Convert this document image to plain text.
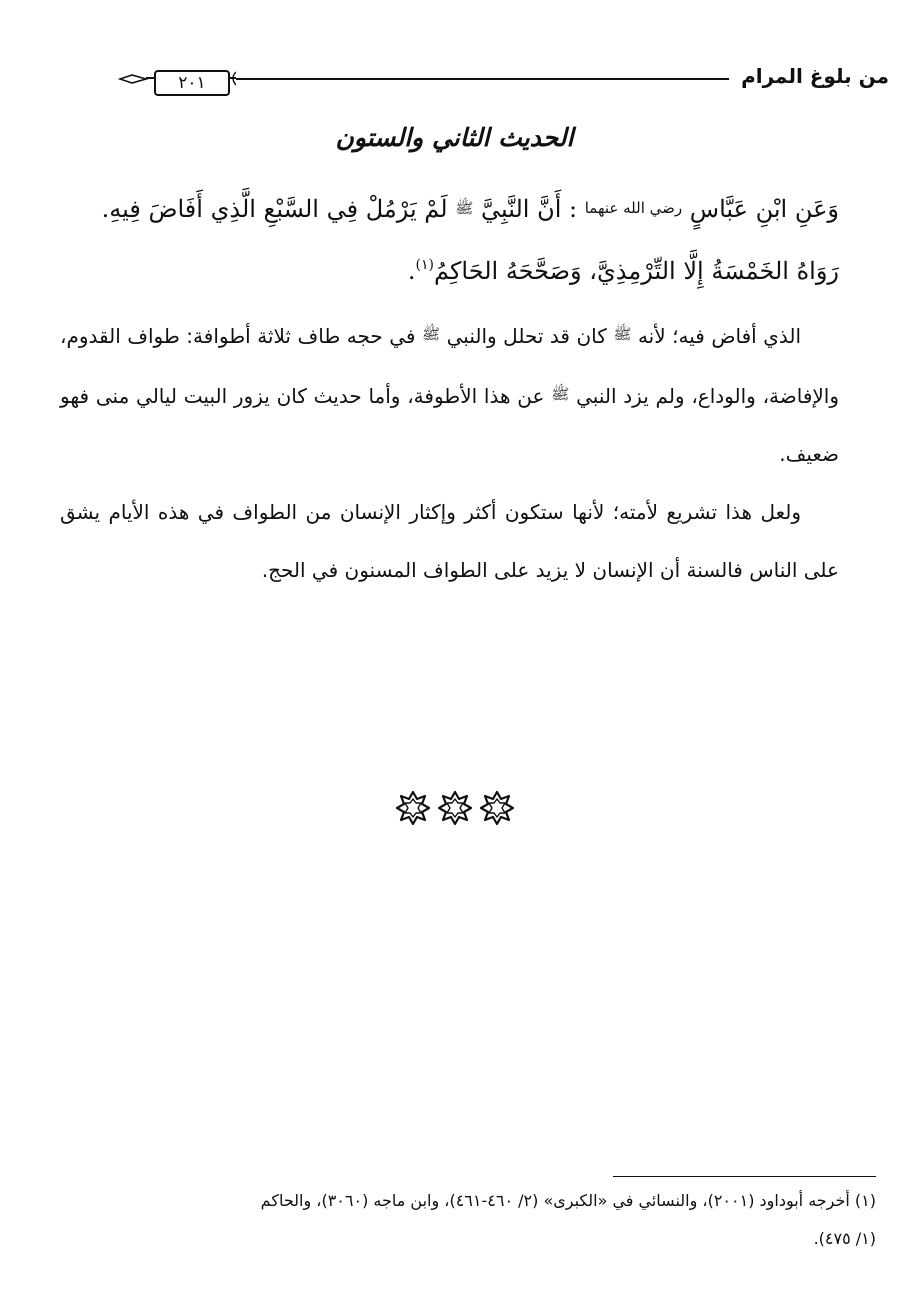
من بلوغ المرام
٢٠١
الحديث الثاني والستون

وَعَنِ ابْنِ عَبَّاسٍ رضي الله عنهما : أَنَّ النَّبِيَّ ﷺ لَمْ يَرْمُلْ فِي السَّبْعِ الَّذِي أَفَاضَ فِيهِ.

رَوَاهُ الخَمْسَةُ إِلَّا التِّرْمِذِيَّ، وَصَحَّحَهُ الحَاكِمُ$^{(١)}$.

الذي أفاض فيه؛ لأنه $^ﷺ$ كان قد تحلل والنبي $^ﷺ$ في حجه طاف ثلاثة أطوافة: طواف القدوم، والإفاضة، والوداع، ولم يزد النبي $^ﷺ$ عن هذا الأطوفة، وأما حديث كان يزور البيت ليالي منى فهو ضعيف.

ولعل هذا تشريع لأمته؛ لأنها ستكون أكثر وإكثار الإنسان من الطواف في هذه الأيام يشق على الناس فالسنة أن الإنسان لا يزيد على الطواف المسنون في الحج.

(١) أخرجه أبوداود (٢٠٠١)، والنسائي في «الكبرى» (٢/ ٤٦٠-٤٦١)، وابن ماجه (٣٠٦٠)، والحاكم

(١/ ٤٧٥).
